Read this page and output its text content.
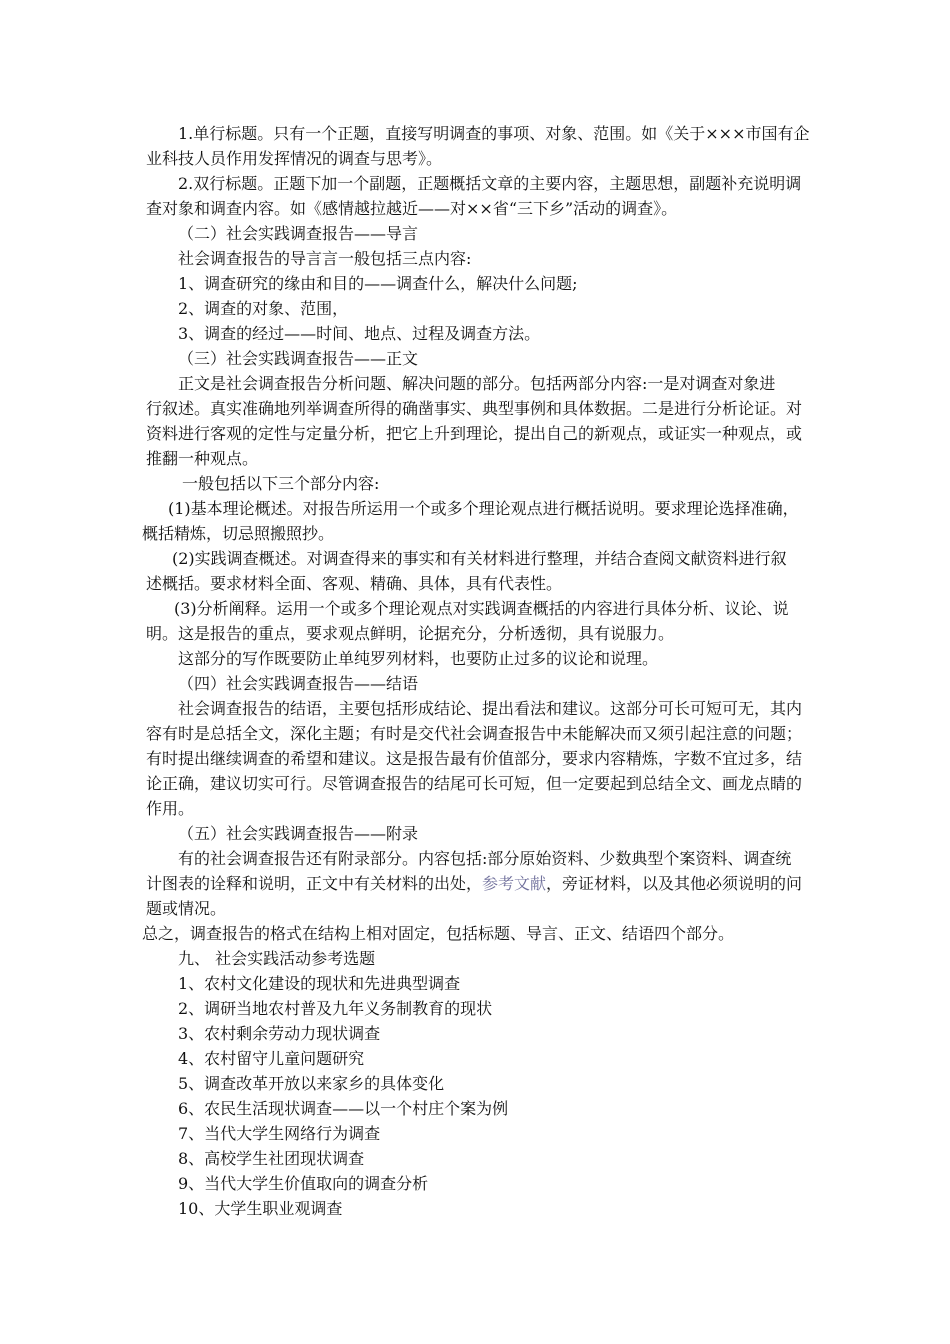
1.单行标题。只有一个正题，直接写明调查的事项、对象、范围。如《关于×××市国有企
业科技人员作用发挥情况的调查与思考》。
2.双行标题。正题下加一个副题，正题概括文章的主要内容，主题思想，副题补充说明调
查对象和调查内容。如《感情越拉越近——对××省“三下乡”活动的调查》。
（二）社会实践调查报告——导言
社会调查报告的导言言一般包括三点内容:
1、调查研究的缘由和目的——调查什么，解决什么问题;
2、调查的对象、范围，
3、调查的经过——时间、地点、过程及调查方法。
（三）社会实践调查报告——正文
正文是社会调查报告分析问题、解决问题的部分。包括两部分内容:一是对调查对象进
行叙述。真实准确地列举调查所得的确凿事实、典型事例和具体数据。二是进行分析论证。对
资料进行客观的定性与定量分析，把它上升到理论，提出自己的新观点，或证实一种观点，或
推翻一种观点。
一般包括以下三个部分内容:
(1)基本理论概述。对报告所运用一个或多个理论观点进行概括说明。要求理论选择准确，
概括精炼，切忌照搬照抄。
(2)实践调查概述。对调查得来的事实和有关材料进行整理，并结合查阅文献资料进行叙
述概括。要求材料全面、客观、精确、具体，具有代表性。
(3)分析阐释。运用一个或多个理论观点对实践调查概括的内容进行具体分析、议论、说
明。这是报告的重点，要求观点鲜明，论据充分，分析透彻，具有说服力。
这部分的写作既要防止单纯罗列材料，也要防止过多的议论和说理。
（四）社会实践调查报告——结语
社会调查报告的结语，主要包括形成结论、提出看法和建议。这部分可长可短可无，其内
容有时是总括全文，深化主题；有时是交代社会调查报告中未能解决而又须引起注意的问题；
有时提出继续调查的希望和建议。这是报告最有价值部分，要求内容精炼，字数不宜过多，结
论正确，建议切实可行。尽管调查报告的结尾可长可短，但一定要起到总结全文、画龙点睛的
作用。
（五）社会实践调查报告——附录
有的社会调查报告还有附录部分。内容包括:部分原始资料、少数典型个案资料、调查统
计图表的诠释和说明，正文中有关材料的出处，参考文献，旁证材料，以及其他必须说明的问
题或情况。
总之，调查报告的格式在结构上相对固定，包括标题、导言、正文、结语四个部分。
九、 社会实践活动参考选题
1、农村文化建设的现状和先进典型调查
2、调研当地农村普及九年义务制教育的现状
3、农村剩余劳动力现状调查
4、农村留守儿童问题研究
5、调查改革开放以来家乡的具体变化
6、农民生活现状调查——以一个村庄个案为例
7、当代大学生网络行为调查
8、高校学生社团现状调查
9、当代大学生价值取向的调查分析
10、大学生职业观调查
